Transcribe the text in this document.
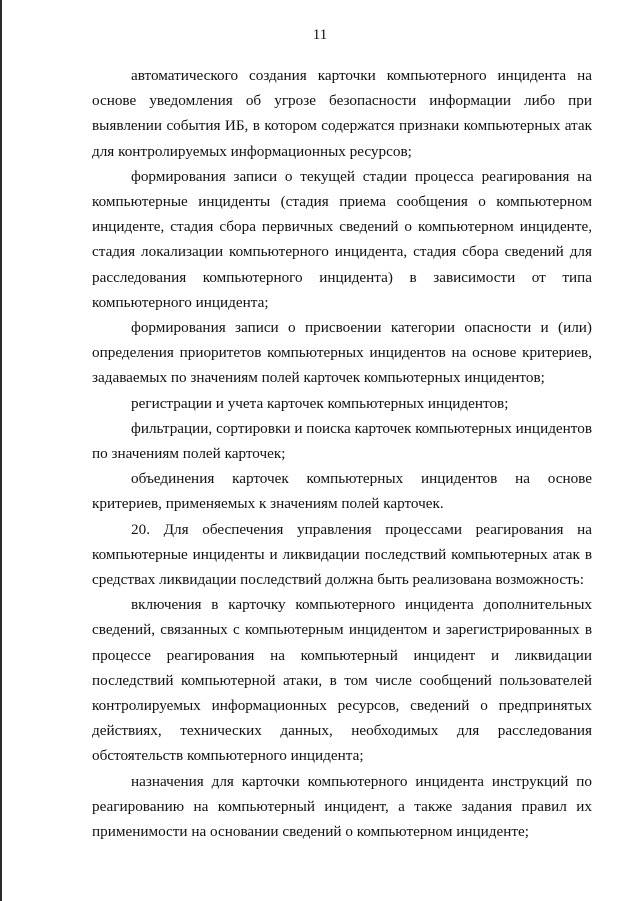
11

автоматического создания карточки компьютерного инцидента на основе уведомления об угрозе безопасности информации либо при выявлении события ИБ, в котором содержатся признаки компьютерных атак для контролируемых информационных ресурсов;

формирования записи о текущей стадии процесса реагирования на компьютерные инциденты (стадия приема сообщения о компьютерном инциденте, стадия сбора первичных сведений о компьютерном инциденте, стадия локализации компьютерного инцидента, стадия сбора сведений для расследования компьютерного инцидента) в зависимости от типа компьютерного инцидента;

формирования записи о присвоении категории опасности и (или) определения приоритетов компьютерных инцидентов на основе критериев, задаваемых по значениям полей карточек компьютерных инцидентов;

регистрации и учета карточек компьютерных инцидентов;

фильтрации, сортировки и поиска карточек компьютерных инцидентов по значениям полей карточек;

объединения карточек компьютерных инцидентов на основе критериев, применяемых к значениям полей карточек.

20. Для обеспечения управления процессами реагирования на компьютерные инциденты и ликвидации последствий компьютерных атак в средствах ликвидации последствий должна быть реализована возможность:

включения в карточку компьютерного инцидента дополнительных сведений, связанных с компьютерным инцидентом и зарегистрированных в процессе реагирования на компьютерный инцидент и ликвидации последствий компьютерной атаки, в том числе сообщений пользователей контролируемых информационных ресурсов, сведений о предпринятых действиях, технических данных, необходимых для расследования обстоятельств компьютерного инцидента;

назначения для карточки компьютерного инцидента инструкций по реагированию на компьютерный инцидент, а также задания правил их применимости на основании сведений о компьютерном инциденте;
